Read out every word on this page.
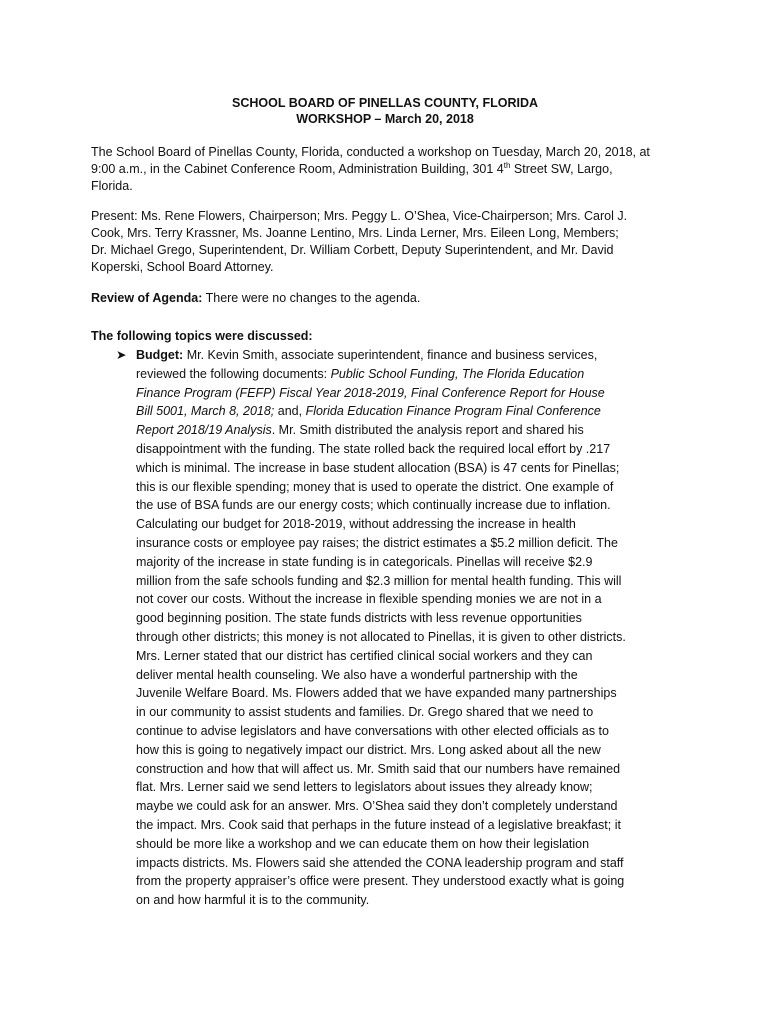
SCHOOL BOARD OF PINELLAS COUNTY, FLORIDA
WORKSHOP – March 20, 2018
The School Board of Pinellas County, Florida, conducted a workshop on Tuesday, March 20, 2018, at
9:00 a.m., in the Cabinet Conference Room, Administration Building, 301 4th Street SW, Largo,
Florida.
Present: Ms. Rene Flowers, Chairperson; Mrs. Peggy L. O’Shea, Vice-Chairperson; Mrs. Carol J.
Cook, Mrs. Terry Krassner, Ms. Joanne Lentino, Mrs. Linda Lerner, Mrs. Eileen Long, Members;
Dr. Michael Grego, Superintendent, Dr. William Corbett, Deputy Superintendent, and Mr. David
Koperski, School Board Attorney.
Review of Agenda: There were no changes to the agenda.
The following topics were discussed:
➤ Budget: Mr. Kevin Smith, associate superintendent, finance and business services,
reviewed the following documents: Public School Funding, The Florida Education
Finance Program (FEFP) Fiscal Year 2018-2019, Final Conference Report for House
Bill 5001, March 8, 2018; and, Florida Education Finance Program Final Conference
Report 2018/19 Analysis. Mr. Smith distributed the analysis report and shared his
disappointment with the funding. The state rolled back the required local effort by .217
which is minimal. The increase in base student allocation (BSA) is 47 cents for Pinellas;
this is our flexible spending; money that is used to operate the district. One example of
the use of BSA funds are our energy costs; which continually increase due to inflation.
Calculating our budget for 2018-2019, without addressing the increase in health
insurance costs or employee pay raises; the district estimates a $5.2 million deficit. The
majority of the increase in state funding is in categoricals. Pinellas will receive $2.9
million from the safe schools funding and $2.3 million for mental health funding. This will
not cover our costs. Without the increase in flexible spending monies we are not in a
good beginning position. The state funds districts with less revenue opportunities
through other districts; this money is not allocated to Pinellas, it is given to other districts.
Mrs. Lerner stated that our district has certified clinical social workers and they can
deliver mental health counseling. We also have a wonderful partnership with the
Juvenile Welfare Board. Ms. Flowers added that we have expanded many partnerships
in our community to assist students and families. Dr. Grego shared that we need to
continue to advise legislators and have conversations with other elected officials as to
how this is going to negatively impact our district. Mrs. Long asked about all the new
construction and how that will affect us. Mr. Smith said that our numbers have remained
flat. Mrs. Lerner said we send letters to legislators about issues they already know;
maybe we could ask for an answer. Mrs. O’Shea said they don’t completely understand
the impact. Mrs. Cook said that perhaps in the future instead of a legislative breakfast; it
should be more like a workshop and we can educate them on how their legislation
impacts districts. Ms. Flowers said she attended the CONA leadership program and staff
from the property appraiser’s office were present. They understood exactly what is going
on and how harmful it is to the community.
